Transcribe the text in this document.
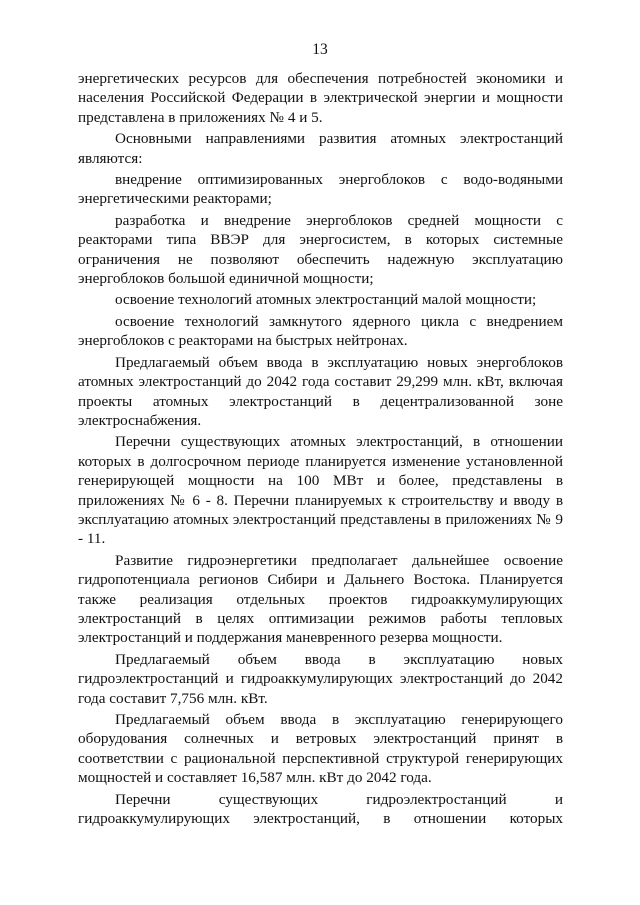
13

энергетических ресурсов для обеспечения потребностей экономики и населения Российской Федерации в электрической энергии и мощности представлена в приложениях № 4 и 5.

Основными направлениями развития атомных электростанций являются:

внедрение оптимизированных энергоблоков с водо-водяными энергетическими реакторами;

разработка и внедрение энергоблоков средней мощности с реакторами типа ВВЭР для энергосистем, в которых системные ограничения не позволяют обеспечить надежную эксплуатацию энергоблоков большой единичной мощности;

освоение технологий атомных электростанций малой мощности;

освоение технологий замкнутого ядерного цикла с внедрением энергоблоков с реакторами на быстрых нейтронах.

Предлагаемый объем ввода в эксплуатацию новых энергоблоков атомных электростанций до 2042 года составит 29,299 млн. кВт, включая проекты атомных электростанций в децентрализованной зоне электроснабжения.

Перечни существующих атомных электростанций, в отношении которых в долгосрочном периоде планируется изменение установленной генерирующей мощности на 100 МВт и более, представлены в приложениях № 6 - 8. Перечни планируемых к строительству и вводу в эксплуатацию атомных электростанций представлены в приложениях № 9 - 11.

Развитие гидроэнергетики предполагает дальнейшее освоение гидропотенциала регионов Сибири и Дальнего Востока. Планируется также реализация отдельных проектов гидроаккумулирующих электростанций в целях оптимизации режимов работы тепловых электростанций и поддержания маневренного резерва мощности.

Предлагаемый объем ввода в эксплуатацию новых гидроэлектростанций и гидроаккумулирующих электростанций до 2042 года составит 7,756 млн. кВт.

Предлагаемый объем ввода в эксплуатацию генерирующего оборудования солнечных и ветровых электростанций принят в соответствии с рациональной перспективной структурой генерирующих мощностей и составляет 16,587 млн. кВт до 2042 года.

Перечни существующих гидроэлектростанций и гидроаккумулирующих электростанций, в отношении которых
